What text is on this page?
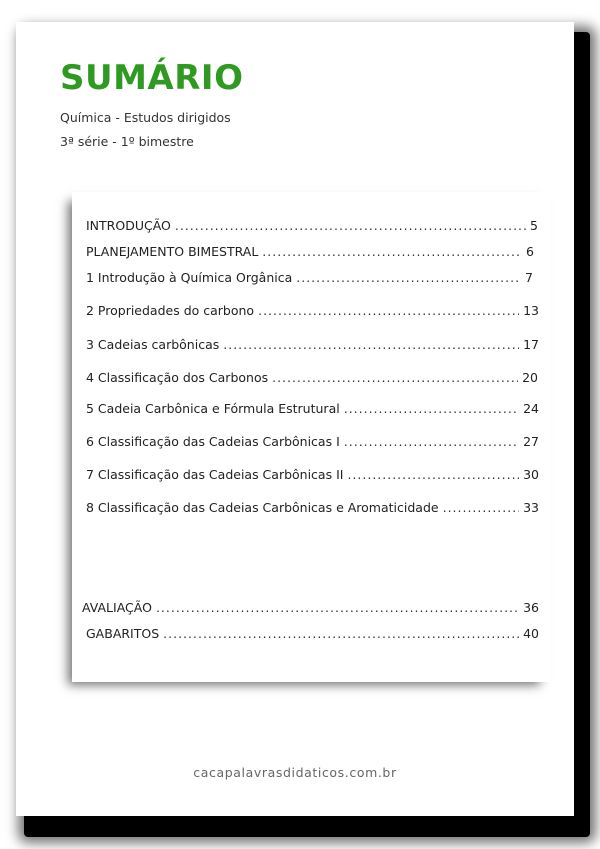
SUMÁRIO
Química - Estudos dirigidos
3ª série - 1º bimestre
INTRODUÇÃO .....	5
PLANEJAMENTO BIMESTRAL .....	6
1 Introdução à Química Orgânica .....	7
2 Propriedades do carbono .....	13
3 Cadeias carbônicas .....	17
4 Classificação dos Carbonos .....	20
5 Cadeia Carbônica e Fórmula Estrutural .....	24
6 Classificação das Cadeias Carbônicas I .....	27
7 Classificação das Cadeias Carbônicas II .....	30
8 Classificação das Cadeias Carbônicas e Aromaticidade .....	33
AVALIAÇÃO .....	36
GABARITOS .....	40
cacapalavrasdidaticos.com.br
